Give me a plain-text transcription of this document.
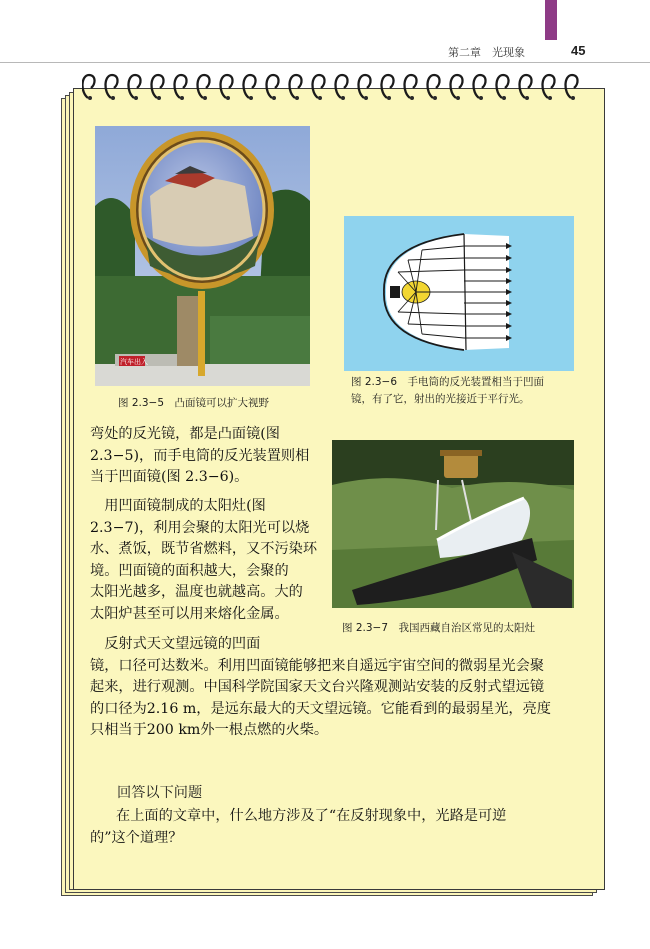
第二章　光现象	45
汽车出入
图 2.3−5　凸面镜可以扩大视野
图 2.3−6　手电筒的反光装置相当于凹面
镜，有了它，射出的光接近于平行光。
图 2.3−7　我国西藏自治区常见的太阳灶
弯处的反光镜，都是凸面镜(图
2.3−5)，而手电筒的反光装置则相
当于凹面镜(图 2.3−6)。
　用凹面镜制成的太阳灶(图
2.3−7)，利用会聚的太阳光可以烧
水、煮饭，既节省燃料，又不污染环
境。凹面镜的面积越大，会聚的
太阳光越多，温度也就越高。大的
太阳炉甚至可以用来熔化金属。
　反射式天文望远镜的凹面
镜，口径可达数米。利用凹面镜能够把来自遥远宇宙空间的微弱星光会聚
起来，进行观测。中国科学院国家天文台兴隆观测站安装的反射式望远镜
的口径为2.16 m，是远东最大的天文望远镜。它能看到的最弱星光，亮度
只相当于200 km外一根点燃的火柴。
回答以下问题
在上面的文章中，什么地方涉及了“在反射现象中，光路是可逆
的”这个道理？
